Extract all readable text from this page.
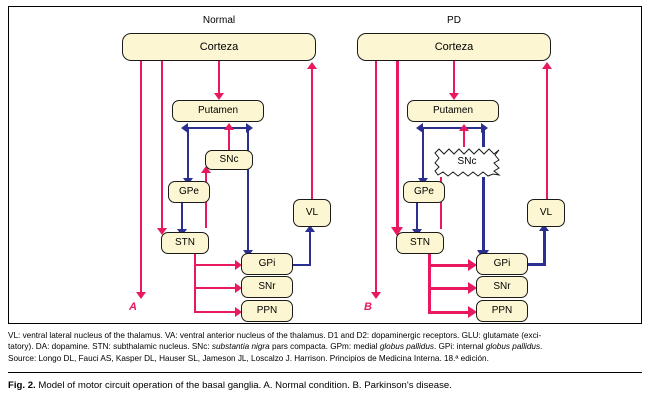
Normal
Corteza
A
Putamen
SNc
GPe
STN
GPi
SNr
PPN
VL
PD
Corteza
B
Putamen
SNc
GPe
STN
GPi
SNr
PPN
VL
VL: ventral lateral nucleus of the thalamus. VA: ventral anterior nucleus of the thalamus. D1 and D2: dopaminergic receptors. GLU: glutamate (exci-
tatory). DA: dopamine. STN: subthalamic nucleus. SNc: substantia nigra pars compacta. GPm: medial globus pallidus. GPi: internal globus pallidus.
Source: Longo DL, Fauci AS, Kasper DL, Hauser SL, Jameson JL, Loscalzo J. Harrison. Principios de Medicina Interna. 18.ª edición.
Fig. 2. Model of motor circuit operation of the basal ganglia. A. Normal condition. B. Parkinson's disease.
